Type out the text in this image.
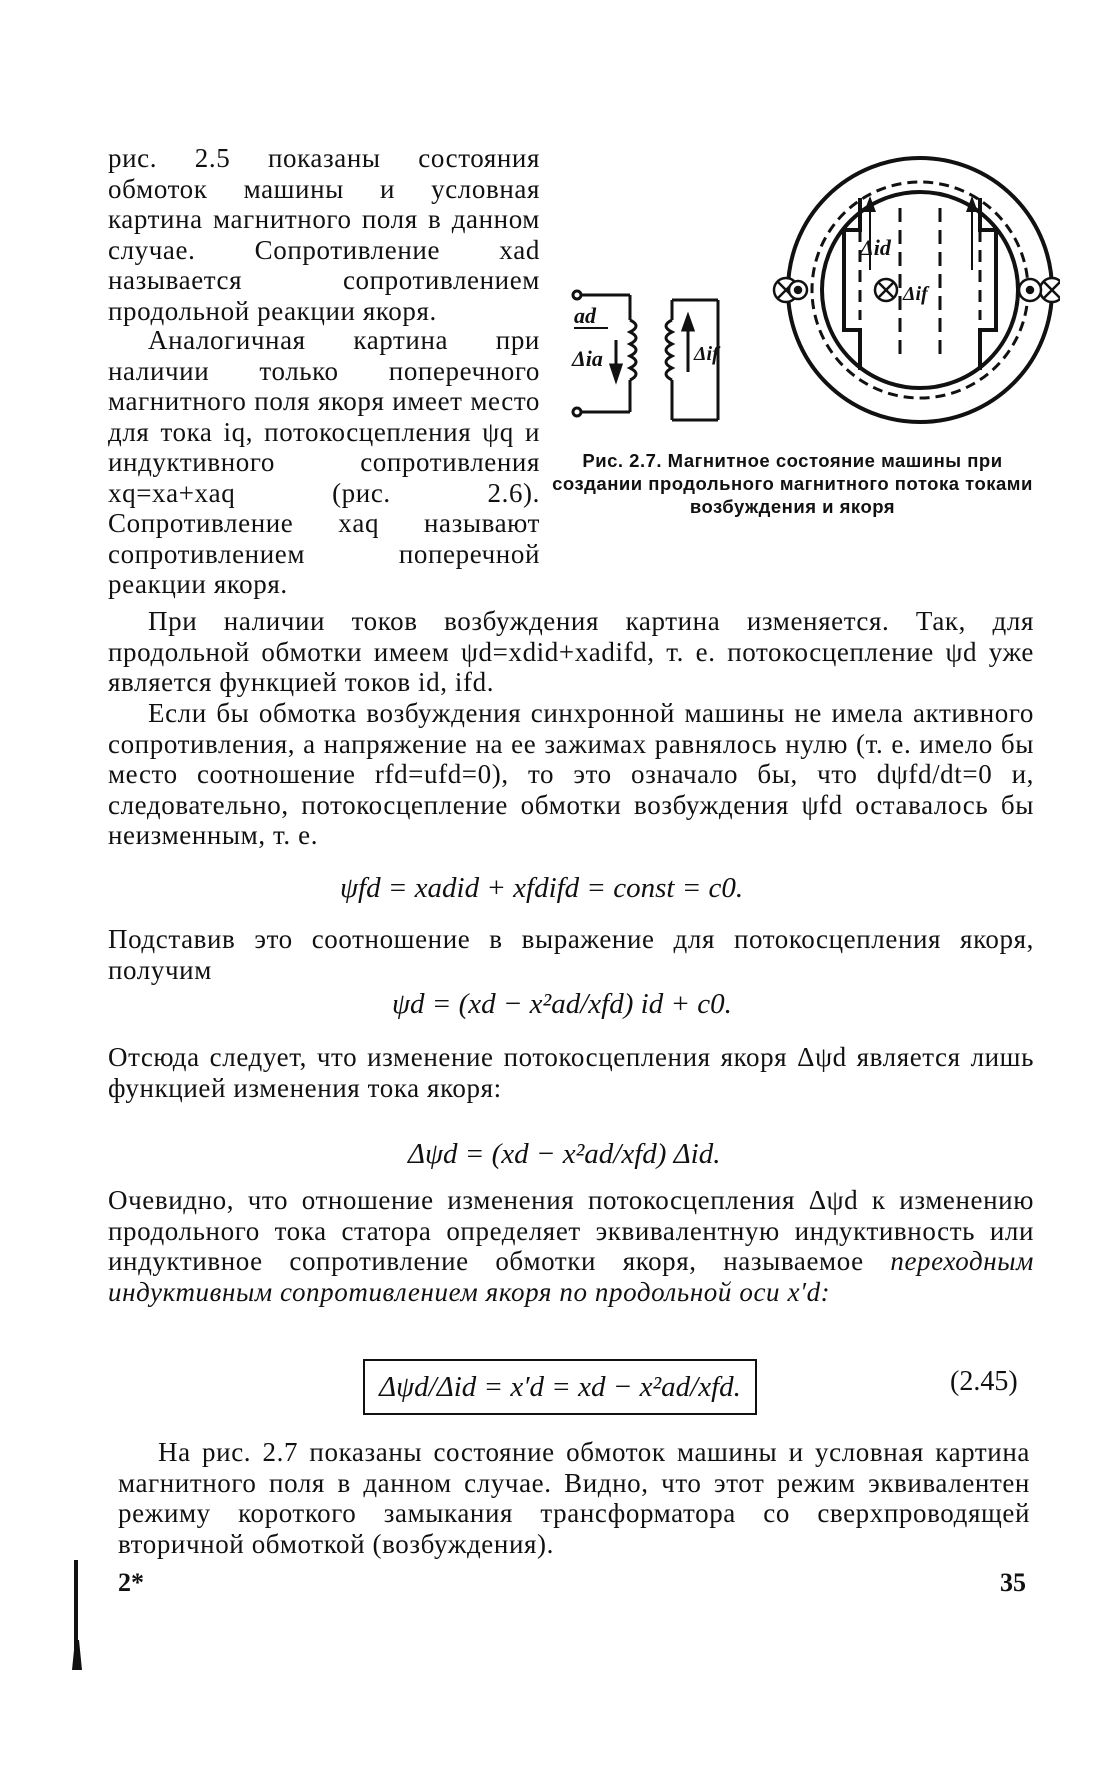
рис. 2.5 показаны состояния обмоток машины и условная картина магнитного поля в данном случае. Сопротивление xad называется сопротивлением продольной реакции якоря.
Аналогичная картина при наличии только поперечного магнитного поля якоря имеет место для тока iq, потокосцепления ψq и индуктивного сопротивления xq=xa+xaq (рис. 2.6). Сопротивление xaq называют сопротивлением поперечной реакции якоря.
ad
Δia	Δif
Δid
Δif
Рис. 2.7. Магнитное состояние машины при создании продольного магнитного потока токами возбуждения и якоря
При наличии токов возбуждения картина изменяется. Так, для продольной обмотки имеем ψd=xdid+xadifd, т. е. потокосцепление ψd уже является функцией токов id, ifd.
Если бы обмотка возбуждения синхронной машины не имела активного сопротивления, а напряжение на ее зажимах равнялось нулю (т. е. имело бы место соотношение rfd=ufd=0), то это означало бы, что dψfd/dt=0 и, следовательно, потокосцепление обмотки возбуждения ψfd оставалось бы неизменным, т. е.
ψfd = xadid + xfdifd = const = c0.
Подставив это соотношение в выражение для потокосцепления якоря, получим
ψd = (xd − x²ad/xfd) id + c0.
Отсюда следует, что изменение потокосцепления якоря Δψd является лишь функцией изменения тока якоря:
Δψd = (xd − x²ad/xfd) Δid.
Очевидно, что отношение изменения потокосцепления Δψd к изменению продольного тока статора определяет эквивалентную индуктивность или индуктивное сопротивление обмотки якоря, называемое переходным индуктивным сопротивлением якоря по продольной оси x′d:
Δψd/Δid = x′d = xd − x²ad/xfd.	(2.45)
На рис. 2.7 показаны состояние обмоток машины и условная картина магнитного поля в данном случае. Видно, что этот режим эквивалентен режиму короткого замыкания трансформатора со сверхпроводящей вторичной обмоткой (возбуждения).
2*	35
